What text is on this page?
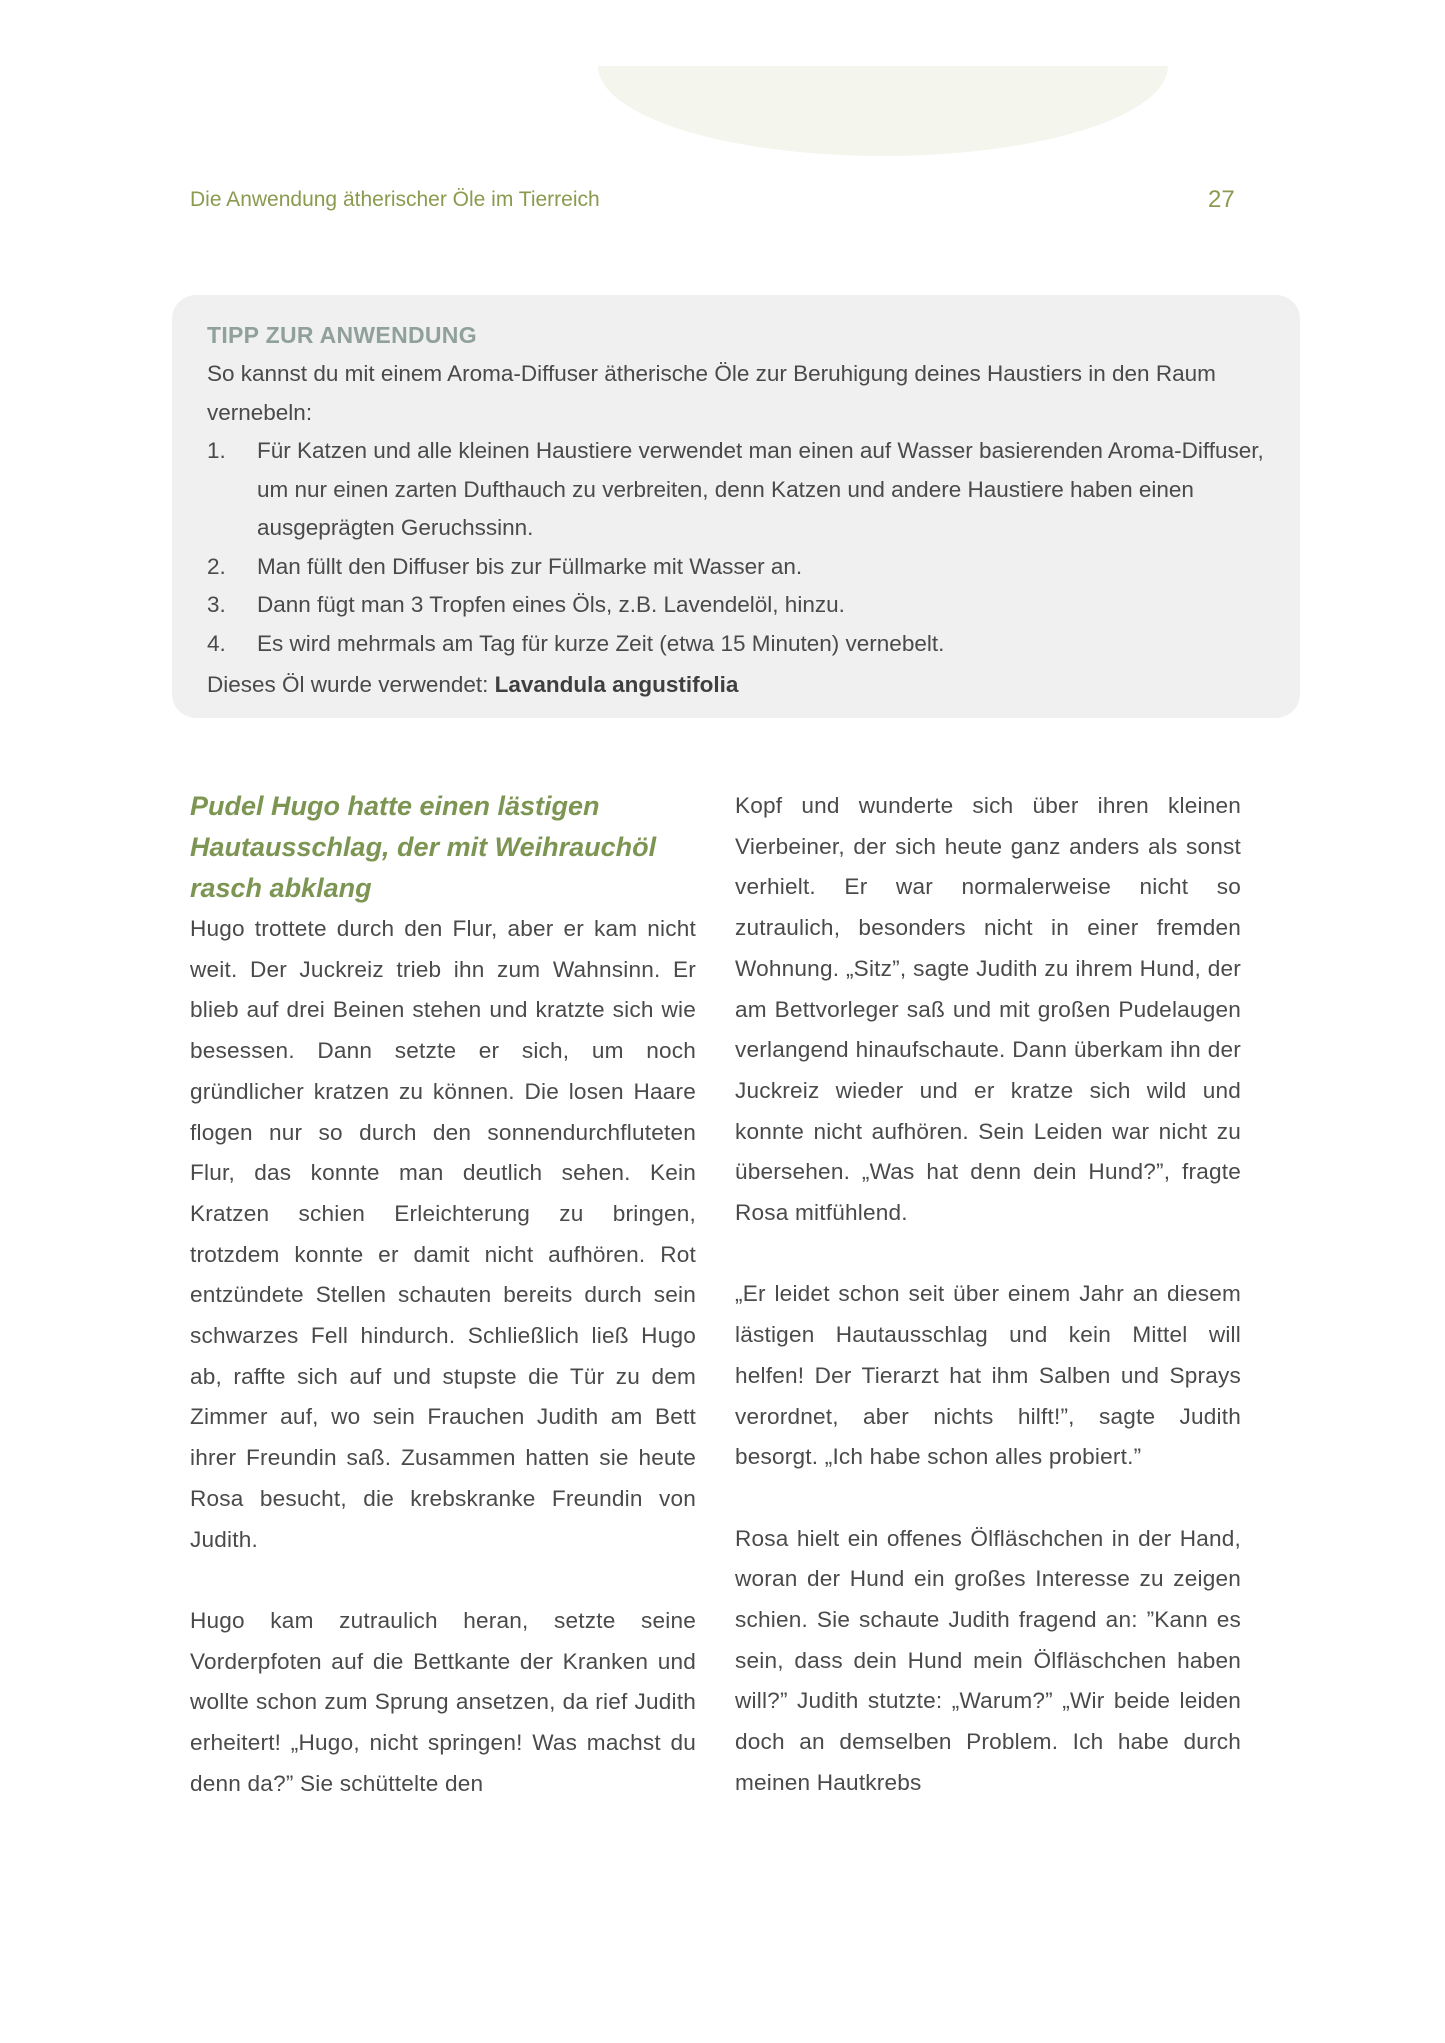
Die Anwendung ätherischer Öle im Tierreich	27
TIPP ZUR ANWENDUNG
So kannst du mit einem Aroma-Diffuser ätherische Öle zur Beruhigung deines Haustiers in den Raum vernebeln:
1. Für Katzen und alle kleinen Haustiere verwendet man einen auf Wasser basierenden Aroma-Diffuser, um nur einen zarten Dufthauch zu verbreiten, denn Katzen und andere Haustiere haben einen ausgeprägten Geruchssinn.
2. Man füllt den Diffuser bis zur Füllmarke mit Wasser an.
3. Dann fügt man 3 Tropfen eines Öls, z.B. Lavendelöl, hinzu.
4. Es wird mehrmals am Tag für kurze Zeit (etwa 15 Minuten) vernebelt.
Dieses Öl wurde verwendet: Lavandula angustifolia
Pudel Hugo hatte einen lästigen Hautausschlag, der mit Weihrauchöl rasch abklang

Hugo trottete durch den Flur, aber er kam nicht weit. Der Juckreiz trieb ihn zum Wahnsinn. Er blieb auf drei Beinen stehen und kratzte sich wie besessen. Dann setzte er sich, um noch gründlicher kratzen zu können. Die losen Haare flogen nur so durch den sonnendurchfluteten Flur, das konnte man deutlich sehen. Kein Kratzen schien Erleichterung zu bringen, trotzdem konnte er damit nicht aufhören. Rot entzündete Stellen schauten bereits durch sein schwarzes Fell hindurch. Schließlich ließ Hugo ab, raffte sich auf und stupste die Tür zu dem Zimmer auf, wo sein Frauchen Judith am Bett ihrer Freundin saß. Zusammen hatten sie heute Rosa besucht, die krebskranke Freundin von Judith.

Hugo kam zutraulich heran, setzte seine Vorderpfoten auf die Bettkante der Kranken und wollte schon zum Sprung ansetzen, da rief Judith erheitert! „Hugo, nicht springen! Was machst du denn da?” Sie schüttelte den

Kopf und wunderte sich über ihren kleinen Vierbeiner, der sich heute ganz anders als sonst verhielt. Er war normalerweise nicht so zutraulich, besonders nicht in einer fremden Wohnung. „Sitz”, sagte Judith zu ihrem Hund, der am Bettvorleger saß und mit großen Pudelaugen verlangend hinaufschaute. Dann überkam ihn der Juckreiz wieder und er kratze sich wild und konnte nicht aufhören. Sein Leiden war nicht zu übersehen. „Was hat denn dein Hund?”, fragte Rosa mitfühlend.

„Er leidet schon seit über einem Jahr an diesem lästigen Hautausschlag und kein Mittel will helfen! Der Tierarzt hat ihm Salben und Sprays verordnet, aber nichts hilft!”, sagte Judith besorgt. „Ich habe schon alles probiert.”

Rosa hielt ein offenes Ölfläschchen in der Hand, woran der Hund ein großes Interesse zu zeigen schien. Sie schaute Judith fragend an: ”Kann es sein, dass dein Hund mein Ölfläschchen haben will?” Judith stutzte: „Warum?” „Wir beide leiden doch an demselben Problem. Ich habe durch meinen Hautkrebs
